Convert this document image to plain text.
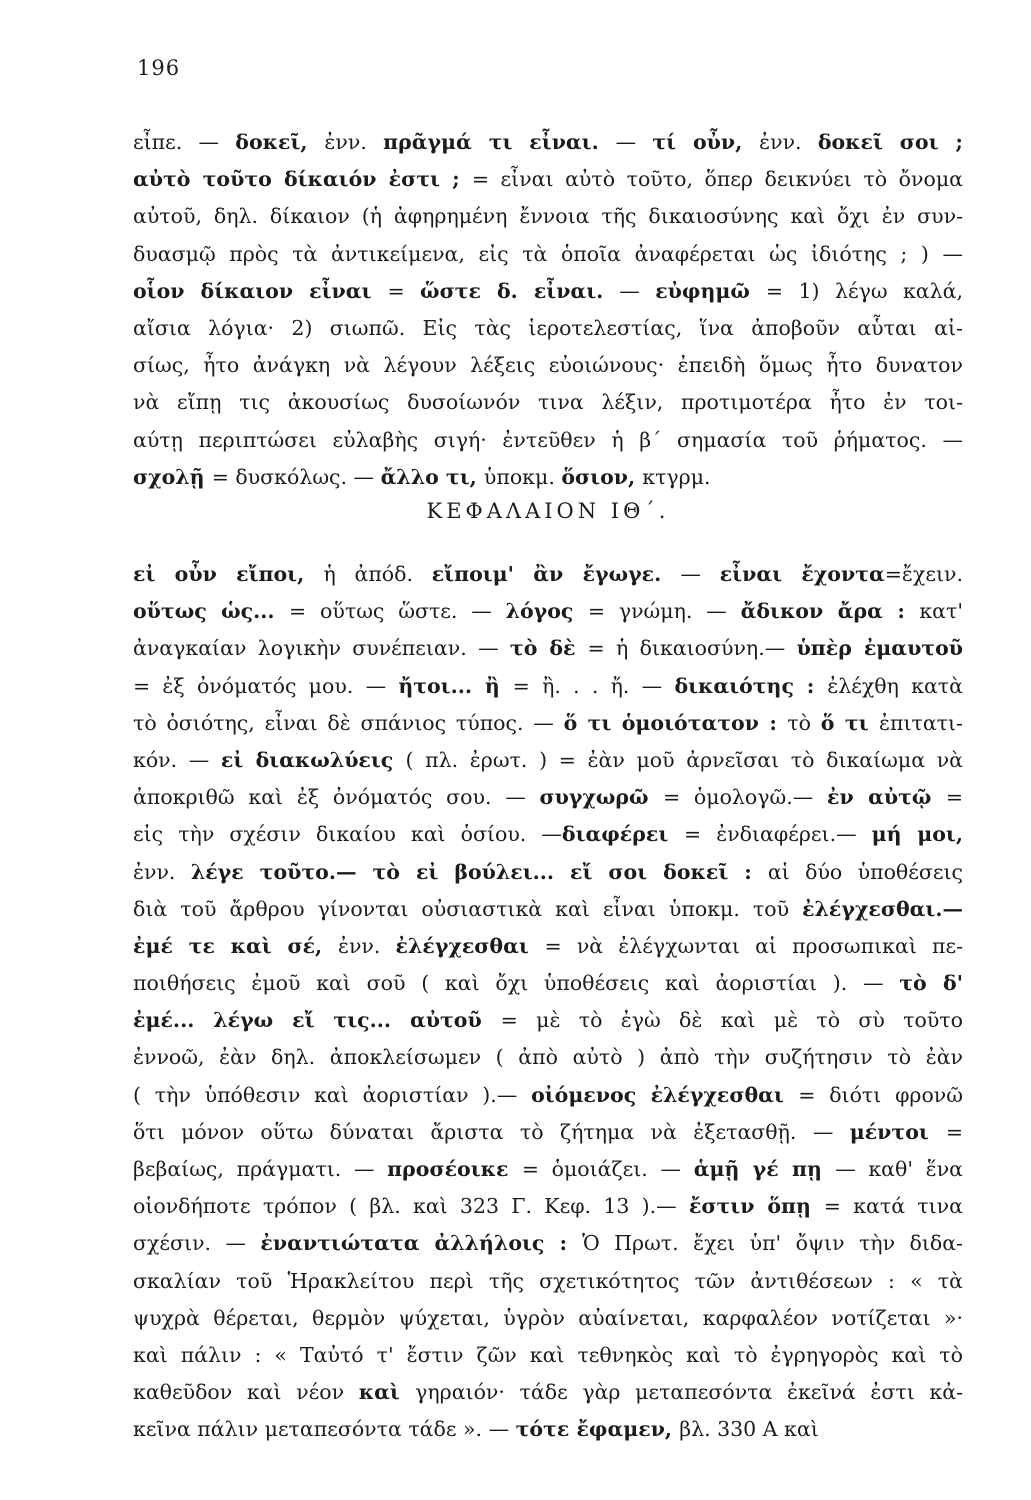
196
εἶπε. — δοκεῖ, ἐνν. πρᾶγμά τι εἶναι. — τί οὖν, ἐνν. δοκεῖ σοι ;
αὐτὸ τοῦτο δίκαιόν ἐστι ; = εἶναι αὐτὸ τοῦτο, ὅπερ δεικνύει τὸ ὄνομα
αὐτοῦ, δηλ. δίκαιον (ἡ ἀφηρημένη ἔννοια τῆς δικαιοσύνης καὶ ὄχι ἐν συν-
δυασμῷ πρὸς τὰ ἀντικείμενα, εἰς τὰ ὁποῖα ἀναφέρεται ὡς ἰδιότης ; ) —
οἷον δίκαιον εἶναι = ὥστε δ. εἶναι. — εὐφημῶ = 1) λέγω καλά,
αἴσια λόγια· 2) σιωπῶ. Εἰς τὰς ἱεροτελεστίας, ἵνα ἀποβοῦν αὗται αἰ-
σίως, ἦτο ἀνάγκη νὰ λέγουν λέξεις εὐοιώνους· ἐπειδὴ ὅμως ἦτο δυνατον
νὰ εἴπῃ τις ἀκουσίως δυσοίωνόν τινα λέξιν, προτιμοτέρα ἦτο ἐν τοι-
αύτῃ περιπτώσει εὐλαβὴς σιγή· ἐντεῦθεν ἡ β΄ σημασία τοῦ ῥήματος. —
σχολῇ = δυσκόλως. — ἄλλο τι, ὑποκμ. ὅσιον, κτγρμ.
ΚΕΦΑΛΑΙΟΝ ΙΘ΄.
εἰ οὖν εἴποι, ἡ ἀπόδ. εἴποιμ' ἂν ἔγωγε. — εἶναι ἔχοντα=ἔχειν.
οὕτως ὡς... = οὕτως ὥστε. — λόγος = γνώμη. — ἄδικον ἄρα : κατ'
ἀναγκαίαν λογικὴν συνέπειαν. — τὸ δὲ = ἡ δικαιοσύνη.— ὑπὲρ ἐμαυτοῦ
= ἐξ ὀνόματός μου. — ἤτοι... ἢ = ἢ. . . ἤ. — δικαιότης : ἐλέχθη κατὰ
τὸ ὁσιότης, εἶναι δὲ σπάνιος τύπος. — ὅ τι ὁμοιότατον : τὸ ὅ τι ἐπιτατι-
κόν. — εἰ διακωλύεις ( πλ. ἐρωτ. ) = ἐὰν μοῦ ἀρνεῖσαι τὸ δικαίωμα νὰ
ἀποκριθῶ καὶ ἐξ ὀνόματός σου. — συγχωρῶ = ὁμολογῶ.— ἐν αὐτῷ =
εἰς τὴν σχέσιν δικαίου καὶ ὁσίου. —διαφέρει = ἐνδιαφέρει.— μή μοι,
ἐνν. λέγε τοῦτο.— τὸ εἰ βούλει... εἴ σοι δοκεῖ : αἱ δύο ὑποθέσεις
διὰ τοῦ ἄρθρου γίνονται οὐσιαστικὰ καὶ εἶναι ὑποκμ. τοῦ ἐλέγχεσθαι.—
ἐμέ τε καὶ σέ, ἐνν. ἐλέγχεσθαι = νὰ ἐλέγχωνται αἱ προσωπικαὶ πε-
ποιθήσεις ἐμοῦ καὶ σοῦ ( καὶ ὄχι ὑποθέσεις καὶ ἀοριστίαι ). — τὸ δ'
ἐμέ... λέγω εἴ τις... αὐτοῦ = μὲ τὸ ἐγὼ δὲ καὶ μὲ τὸ σὺ τοῦτο
ἐννοῶ, ἐὰν δηλ. ἀποκλείσωμεν ( ἀπὸ αὐτὸ ) ἀπὸ τὴν συζήτησιν τὸ ἐὰν
( τὴν ὑπόθεσιν καὶ ἀοριστίαν ).— οἰόμενος ἐλέγχεσθαι = διότι φρονῶ
ὅτι μόνον οὕτω δύναται ἄριστα τὸ ζήτημα νὰ ἐξετασθῇ. — μέντοι =
βεβαίως, πράγματι. — προσέοικε = ὁμοιάζει. — ἁμῇ γέ πῃ — καθ' ἕνα
οἱονδήποτε τρόπον ( βλ. καὶ 323 Γ. Κεφ. 13 ).— ἔστιν ὅπῃ = κατά τινα
σχέσιν. — ἐναντιώτατα ἀλλήλοις : Ὁ Πρωτ. ἔχει ὑπ' ὄψιν τὴν διδα-
σκαλίαν τοῦ Ἡρακλείτου περὶ τῆς σχετικότητος τῶν ἀντιθέσεων : « τὰ
ψυχρὰ θέρεται, θερμὸν ψύχεται, ὑγρὸν αὐαίνεται, καρφαλέον νοτίζεται »·
καὶ πάλιν : « Ταὐτό τ' ἔστιν ζῶν καὶ τεθνηκὸς καὶ τὸ ἐγρηγορὸς καὶ τὸ
καθεῦδον καὶ νέον καὶ γηραιόν· τάδε γὰρ μεταπεσόντα ἐκεῖνά ἐστι κἀ-
κεῖνα πάλιν μεταπεσόντα τάδε ». — τότε ἔφαμεν, βλ. 330 Α καὶ
